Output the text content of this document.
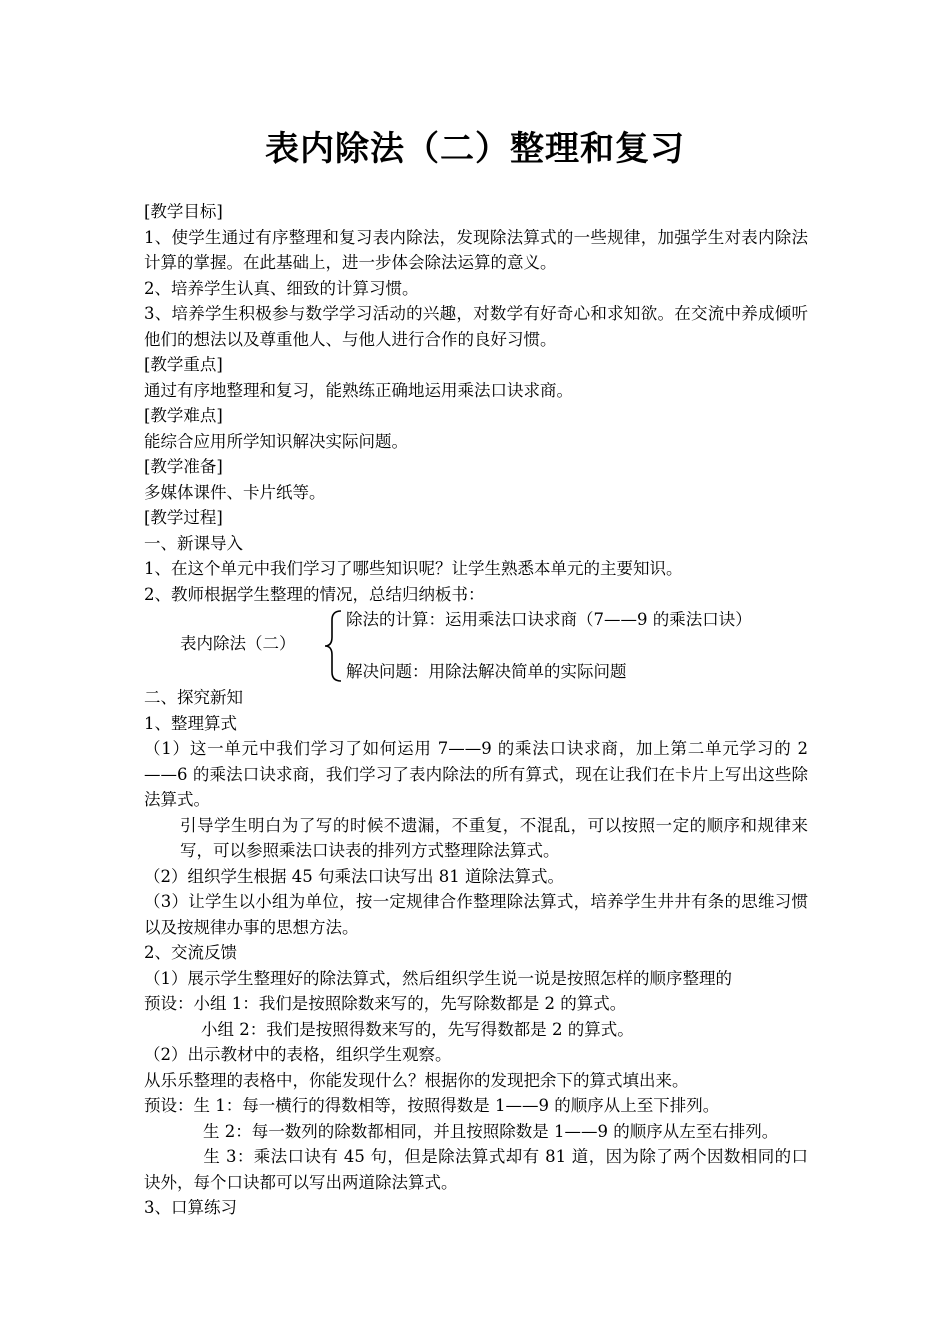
表内除法（二）整理和复习

[教学目标]

1、使学生通过有序整理和复习表内除法，发现除法算式的一些规律，加强学生对表内除法计算的掌握。在此基础上，进一步体会除法运算的意义。

2、培养学生认真、细致的计算习惯。

3、培养学生积极参与数学学习活动的兴趣，对数学有好奇心和求知欲。在交流中养成倾听他们的想法以及尊重他人、与他人进行合作的良好习惯。

[教学重点]

通过有序地整理和复习，能熟练正确地运用乘法口诀求商。

[教学难点]

能综合应用所学知识解决实际问题。

[教学准备]

多媒体课件、卡片纸等。

[教学过程]

一、新课导入

1、在这个单元中我们学习了哪些知识呢？让学生熟悉本单元的主要知识。

2、教师根据学生整理的情况，总结归纳板书：

表内除法（二）
除法的计算：运用乘法口诀求商（7——9 的乘法口诀）
解决问题：用除法解决简单的实际问题

二、探究新知

1、整理算式

（1）这一单元中我们学习了如何运用 7——9 的乘法口诀求商，加上第二单元学习的 2——6 的乘法口诀求商，我们学习了表内除法的所有算式，现在让我们在卡片上写出这些除法算式。

引导学生明白为了写的时候不遗漏，不重复，不混乱，可以按照一定的顺序和规律来写，可以参照乘法口诀表的排列方式整理除法算式。

（2）组织学生根据 45 句乘法口诀写出 81 道除法算式。

（3）让学生以小组为单位，按一定规律合作整理除法算式，培养学生井井有条的思维习惯以及按规律办事的思想方法。

2、交流反馈

（1）展示学生整理好的除法算式，然后组织学生说一说是按照怎样的顺序整理的

预设：小组 1：我们是按照除数来写的，先写除数都是 2 的算式。

小组 2：我们是按照得数来写的，先写得数都是 2 的算式。

（2）出示教材中的表格，组织学生观察。

从乐乐整理的表格中，你能发现什么？根据你的发现把余下的算式填出来。

预设：生 1：每一横行的得数相等，按照得数是 1——9 的顺序从上至下排列。

生 2：每一数列的除数都相同，并且按照除数是 1——9 的顺序从左至右排列。

生 3：乘法口诀有 45 句，但是除法算式却有 81 道，因为除了两个因数相同的口诀外，每个口诀都可以写出两道除法算式。

3、口算练习
